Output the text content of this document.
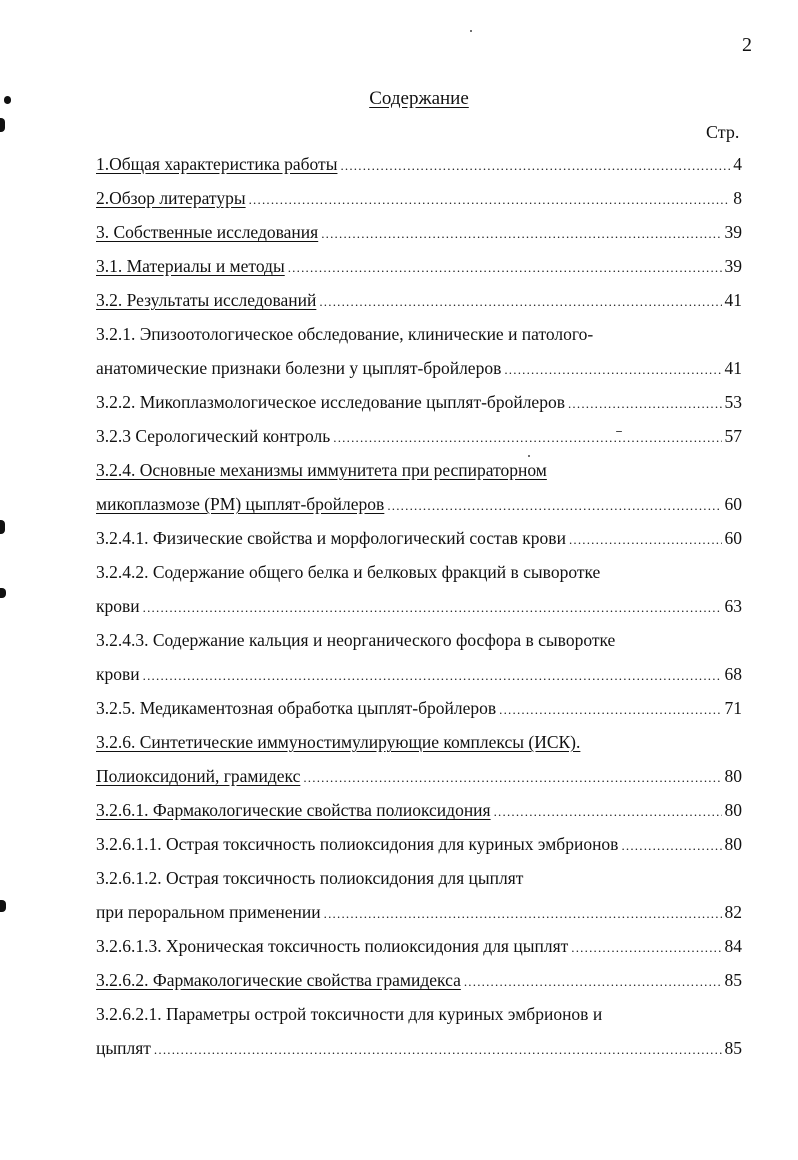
2
Содержание
Стр.
1.Общая характеристика работы .....	4
2.Обзор литературы .....	8
3. Собственные исследования .....	39
3.1. Материалы и методы .....	39
3.2. Результаты исследований .....	41
3.2.1. Эпизоотологическое обследование, клинические и патолого-
анатомические признаки болезни у цыплят-бройлеров .....	41
3.2.2. Микоплазмологическое исследование цыплят-бройлеров .....	53
3.2.3 Серологический контроль .....	57
3.2.4. Основные механизмы иммунитета при респираторном
микоплазмозе (РМ) цыплят-бройлеров .....	60
3.2.4.1. Физические свойства и морфологический состав крови .....	60
3.2.4.2. Содержание общего белка и белковых фракций в сыворотке
крови .....	63
3.2.4.3. Содержание кальция и неорганического фосфора в сыворотке
крови .....	68
3.2.5. Медикаментозная обработка цыплят-бройлеров .....	71
3.2.6. Синтетические иммуностимулирующие комплексы (ИСК).
Полиоксидоний, грамидекс .....	80
3.2.6.1. Фармакологические свойства полиоксидония .....	80
3.2.6.1.1. Острая токсичность полиоксидония для куриных эмбрионов .....	80
3.2.6.1.2. Острая токсичность полиоксидония для цыплят
при пероральном применении .....	82
3.2.6.1.3. Хроническая токсичность полиоксидония для цыплят .....	84
3.2.6.2. Фармакологические свойства грамидекса .....	85
3.2.6.2.1. Параметры острой токсичности для куриных эмбрионов и
цыплят .....	85
